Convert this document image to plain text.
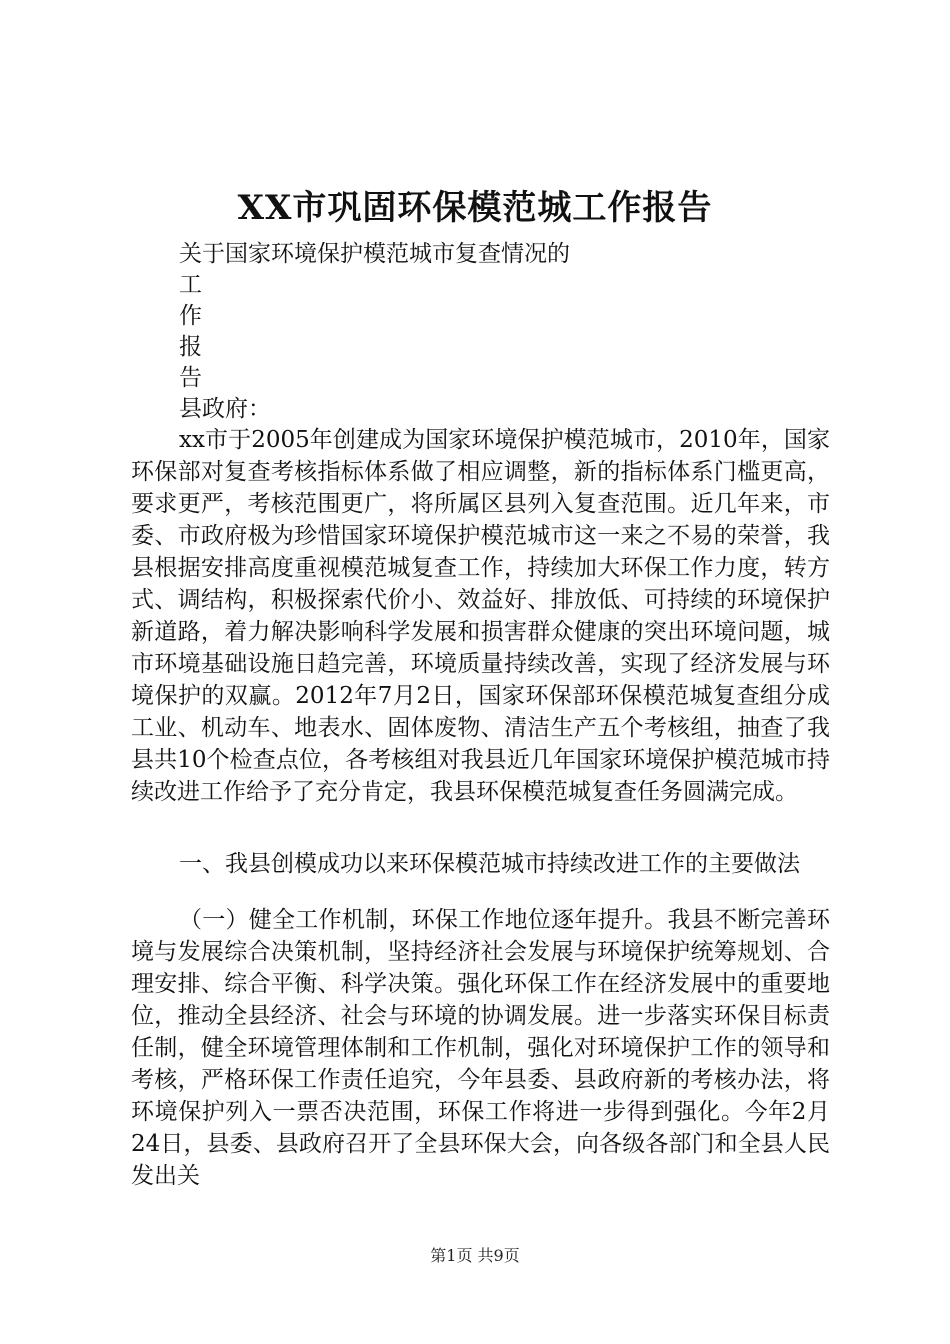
XX市巩固环保模范城工作报告
关于国家环境保护模范城市复查情况的
工
作
报
告
县政府：

xx市于2005年创建成为国家环境保护模范城市，2010年，国家环保部对复查考核指标体系做了相应调整，新的指标体系门槛更高，要求更严，考核范围更广，将所属区县列入复查范围。近几年来，市委、市政府极为珍惜国家环境保护模范城市这一来之不易的荣誉，我县根据安排高度重视模范城复查工作，持续加大环保工作力度，转方式、调结构，积极探索代价小、效益好、排放低、可持续的环境保护新道路，着力解决影响科学发展和损害群众健康的突出环境问题，城市环境基础设施日趋完善，环境质量持续改善，实现了经济发展与环境保护的双赢。2012年7月2日，国家环保部环保模范城复查组分成工业、机动车、地表水、固体废物、清洁生产五个考核组，抽查了我县共10个检查点位，各考核组对我县近几年国家环境保护模范城市持续改进工作给予了充分肯定，我县环保模范城复查任务圆满完成。

一、我县创模成功以来环保模范城市持续改进工作的主要做法

（一）健全工作机制，环保工作地位逐年提升。我县不断完善环境与发展综合决策机制，坚持经济社会发展与环境保护统筹规划、合理安排、综合平衡、科学决策。强化环保工作在经济发展中的重要地位，推动全县经济、社会与环境的协调发展。进一步落实环保目标责任制，健全环境管理体制和工作机制，强化对环境保护工作的领导和考核，严格环保工作责任追究，今年县委、县政府新的考核办法，将环境保护列入一票否决范围，环保工作将进一步得到强化。今年2月24日，县委、县政府召开了全县环保大会，向各级各部门和全县人民发出关

第1页 共9页
